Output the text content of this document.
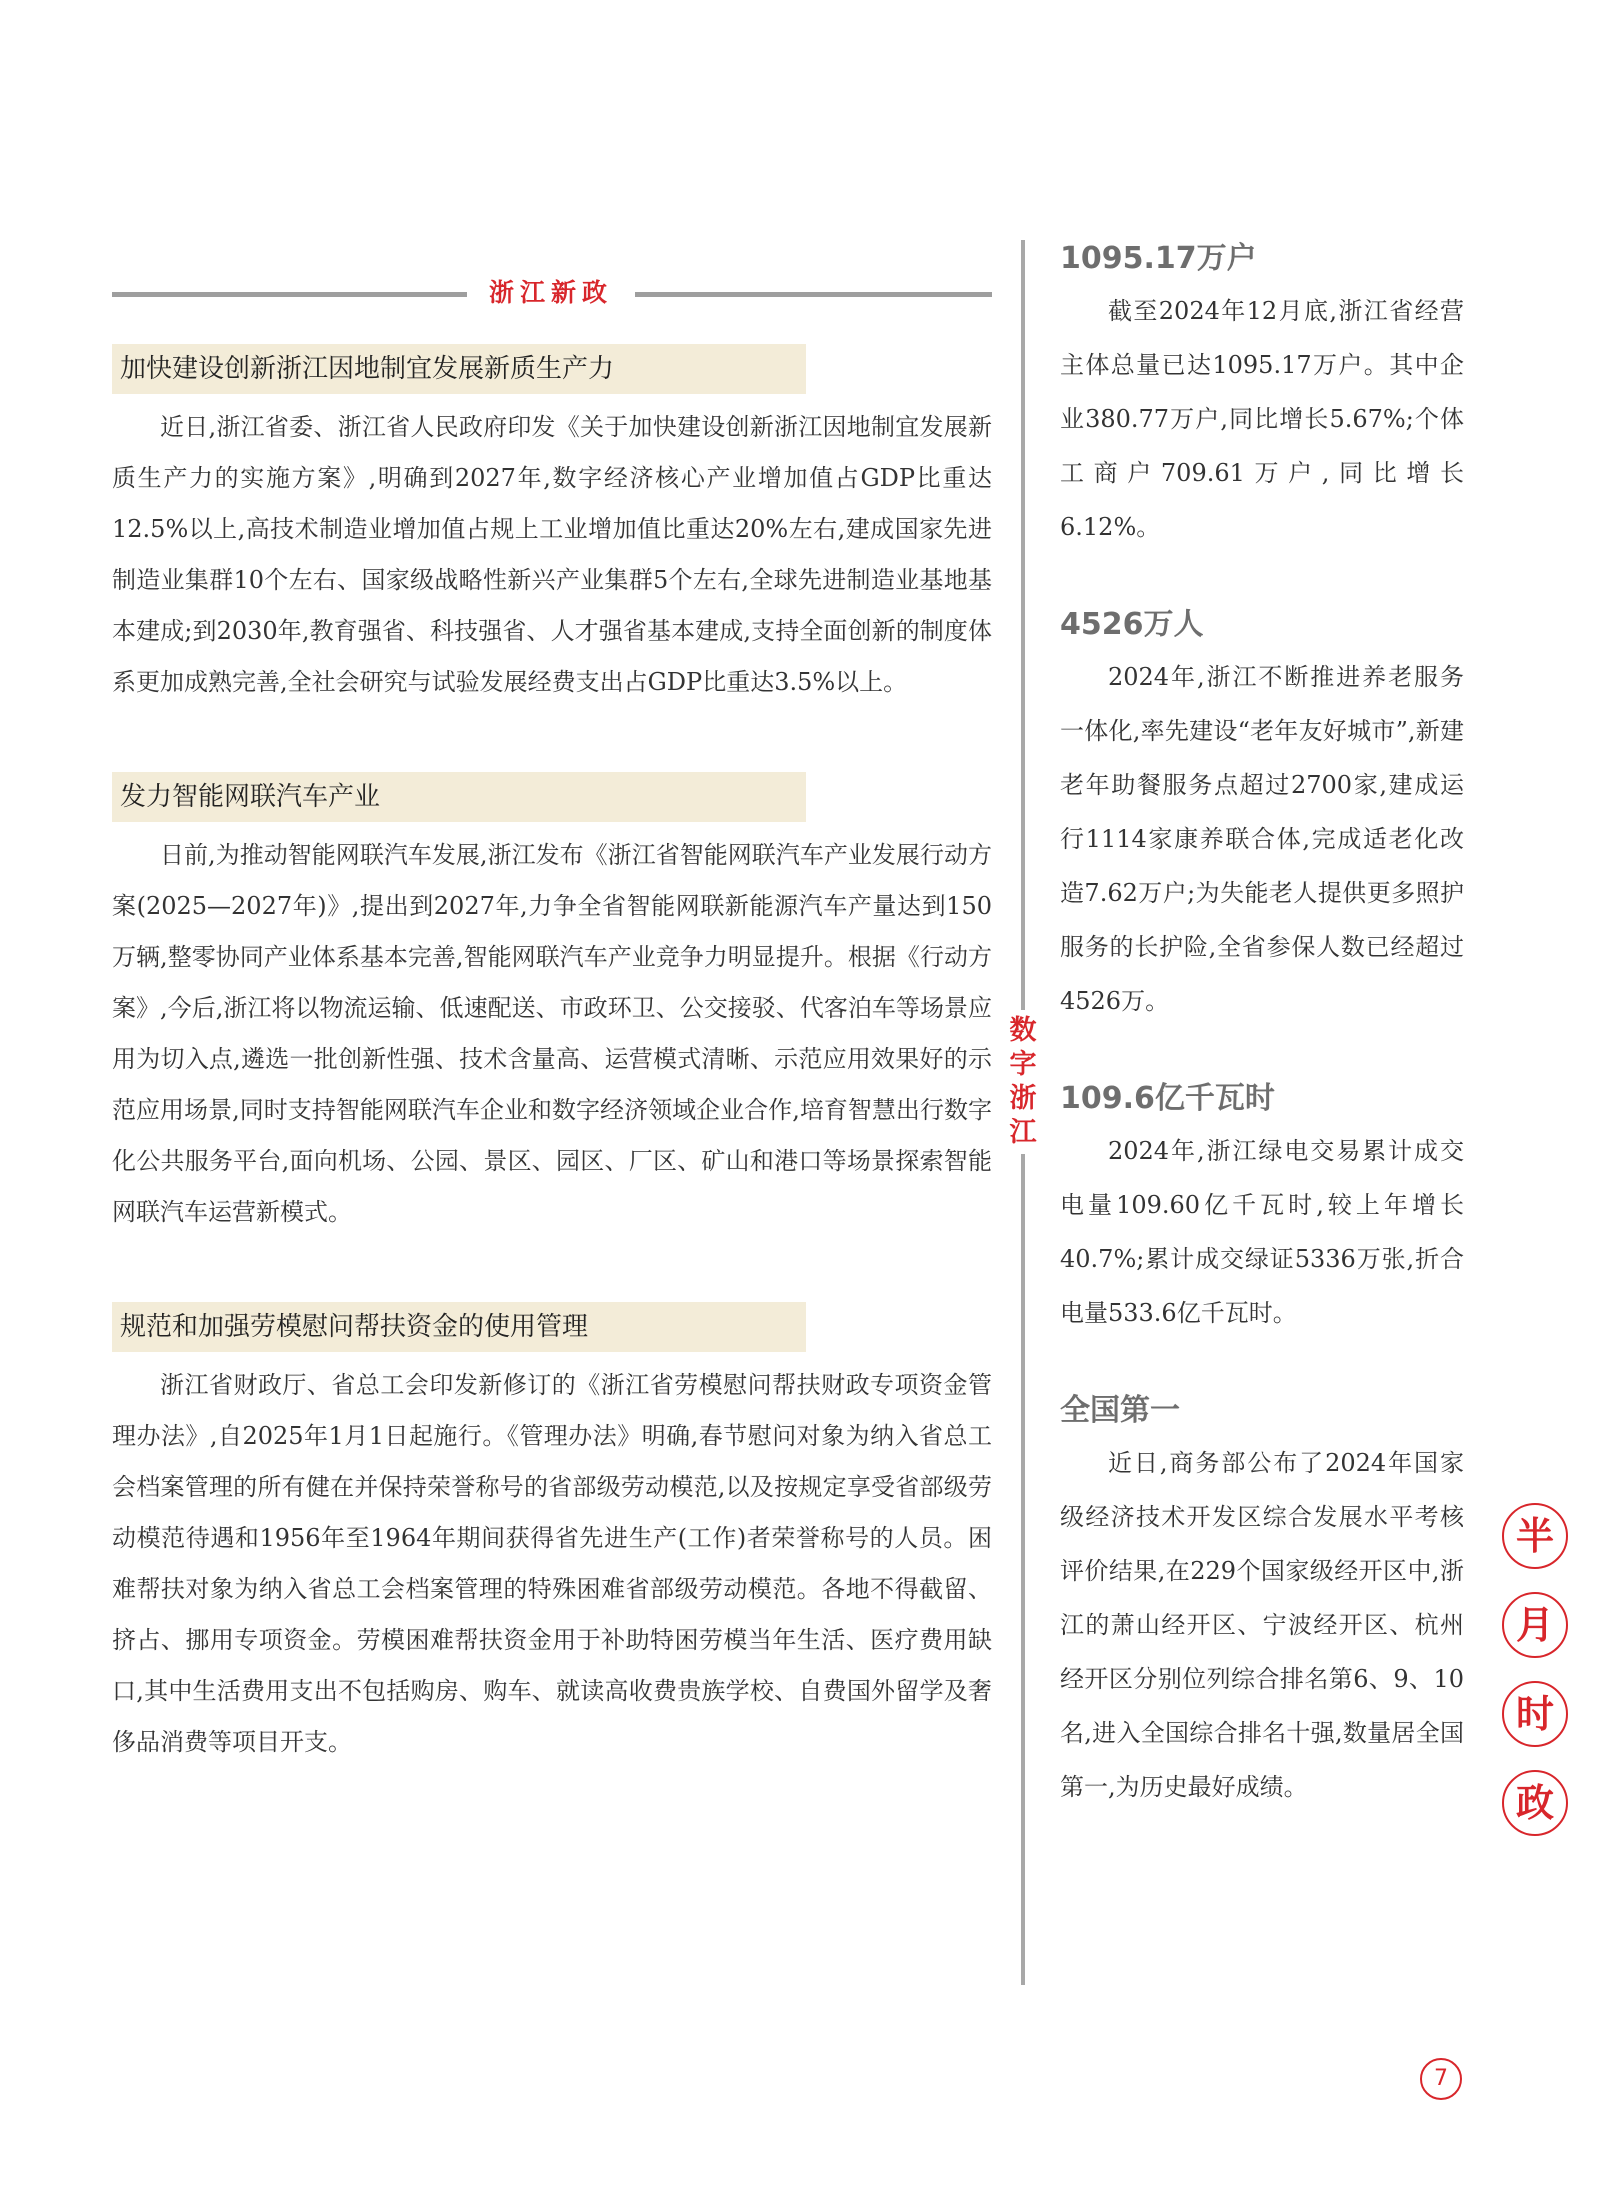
浙江新政
加快建设创新浙江因地制宜发展新质生产力

近日,浙江省委、浙江省人民政府印发《关于加快建设创新浙江因地制宜发展新质生产力的实施方案》,明确到2027年,数字经济核心产业增加值占GDP比重达12.5%以上,高技术制造业增加值占规上工业增加值比重达20%左右,建成国家先进制造业集群10个左右、国家级战略性新兴产业集群5个左右,全球先进制造业基地基本建成;到2030年,教育强省、科技强省、人才强省基本建成,支持全面创新的制度体系更加成熟完善,全社会研究与试验发展经费支出占GDP比重达3.5%以上。

发力智能网联汽车产业

日前,为推动智能网联汽车发展,浙江发布《浙江省智能网联汽车产业发展行动方案(2025—2027年)》,提出到2027年,力争全省智能网联新能源汽车产量达到150万辆,整零协同产业体系基本完善,智能网联汽车产业竞争力明显提升。根据《行动方案》,今后,浙江将以物流运输、低速配送、市政环卫、公交接驳、代客泊车等场景应用为切入点,遴选一批创新性强、技术含量高、运营模式清晰、示范应用效果好的示范应用场景,同时支持智能网联汽车企业和数字经济领域企业合作,培育智慧出行数字化公共服务平台,面向机场、公园、景区、园区、厂区、矿山和港口等场景探索智能网联汽车运营新模式。

规范和加强劳模慰问帮扶资金的使用管理

浙江省财政厅、省总工会印发新修订的《浙江省劳模慰问帮扶财政专项资金管理办法》,自2025年1月1日起施行。《管理办法》明确,春节慰问对象为纳入省总工会档案管理的所有健在并保持荣誉称号的省部级劳动模范,以及按规定享受省部级劳动模范待遇和1956年至1964年期间获得省先进生产(工作)者荣誉称号的人员。困难帮扶对象为纳入省总工会档案管理的特殊困难省部级劳动模范。各地不得截留、挤占、挪用专项资金。劳模困难帮扶资金用于补助特困劳模当年生活、医疗费用缺口,其中生活费用支出不包括购房、购车、就读高收费贵族学校、自费国外留学及奢侈品消费等项目开支。

数字浙江
1095.17万户

截至2024年12月底,浙江省经营主体总量已达1095.17万户。其中企业380.77万户,同比增长5.67%;个体工商户709.61万户,同比增长6.12%。

4526万人

2024年,浙江不断推进养老服务一体化,率先建设“老年友好城市”,新建老年助餐服务点超过2700家,建成运行1114家康养联合体,完成适老化改造7.62万户;为失能老人提供更多照护服务的长护险,全省参保人数已经超过4526万。

109.6亿千瓦时

2024年,浙江绿电交易累计成交电量109.60亿千瓦时,较上年增长40.7%;累计成交绿证5336万张,折合电量533.6亿千瓦时。

全国第一

近日,商务部公布了2024年国家级经济技术开发区综合发展水平考核评价结果,在229个国家级经开区中,浙江的萧山经开区、宁波经开区、杭州经开区分别位列综合排名第6、9、10名,进入全国综合排名十强,数量居全国第一,为历史最好成绩。

半
月
时
政
7
